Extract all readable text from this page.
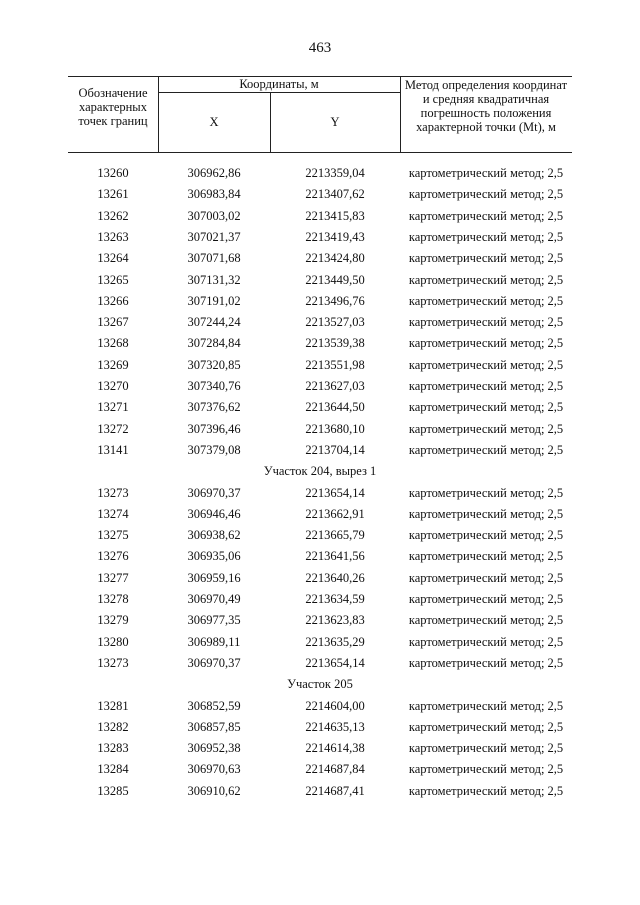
463
Обозначение характерных точек границ
Координаты, м
X	Y
Метод определения координат и средняя квадратичная погрешность положения характерной точки (Мt), м
13260	306962,86	2213359,04	картометрический метод; 2,5
13261	306983,84	2213407,62	картометрический метод; 2,5
13262	307003,02	2213415,83	картометрический метод; 2,5
13263	307021,37	2213419,43	картометрический метод; 2,5
13264	307071,68	2213424,80	картометрический метод; 2,5
13265	307131,32	2213449,50	картометрический метод; 2,5
13266	307191,02	2213496,76	картометрический метод; 2,5
13267	307244,24	2213527,03	картометрический метод; 2,5
13268	307284,84	2213539,38	картометрический метод; 2,5
13269	307320,85	2213551,98	картометрический метод; 2,5
13270	307340,76	2213627,03	картометрический метод; 2,5
13271	307376,62	2213644,50	картометрический метод; 2,5
13272	307396,46	2213680,10	картометрический метод; 2,5
13141	307379,08	2213704,14	картометрический метод; 2,5
Участок 204, вырез 1
13273	306970,37	2213654,14	картометрический метод; 2,5
13274	306946,46	2213662,91	картометрический метод; 2,5
13275	306938,62	2213665,79	картометрический метод; 2,5
13276	306935,06	2213641,56	картометрический метод; 2,5
13277	306959,16	2213640,26	картометрический метод; 2,5
13278	306970,49	2213634,59	картометрический метод; 2,5
13279	306977,35	2213623,83	картометрический метод; 2,5
13280	306989,11	2213635,29	картометрический метод; 2,5
13273	306970,37	2213654,14	картометрический метод; 2,5
Участок 205
13281	306852,59	2214604,00	картометрический метод; 2,5
13282	306857,85	2214635,13	картометрический метод; 2,5
13283	306952,38	2214614,38	картометрический метод; 2,5
13284	306970,63	2214687,84	картометрический метод; 2,5
13285	306910,62	2214687,41	картометрический метод; 2,5
